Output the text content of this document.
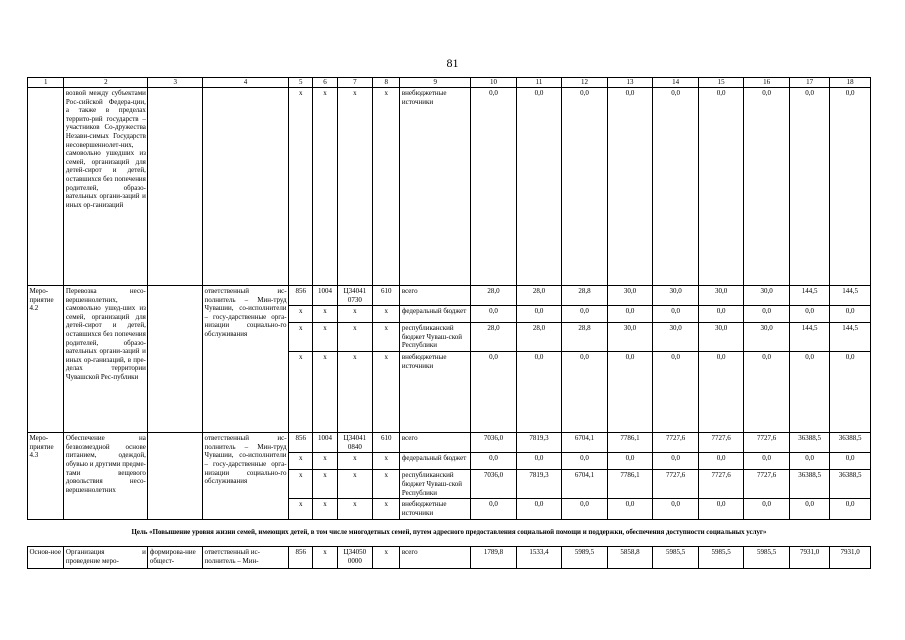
81
1	2	3	4	5	6	7	8	9	10	11	12	13	14	15	16	17	18
	возвой между субъектами Рос-сийской Федера-ции, а также в пределах террито-рий государств – участников Со-дружества Незави-симых Государств несовершеннолет-них, самовольно ушедших из семей, организаций для детей-сирот и детей, оставшихся без попечения родителей, образо-вательных органи-заций и иных ор-ганизаций			х	х	х	х	внебюджетные источники	0,0	0,0	0,0	0,0	0,0	0,0	0,0	0,0	0,0
Меро-приятие 4.2	Перевозка несо-вершеннолетних, самовольно ушед-ших из семей, организаций для детей-сирот и детей, оставшихся без попечения родителей, образо-вательных органи-заций и иных ор-ганизаций, в пре-делах территории Чувашской Рес-публики		ответственный ис-полнитель – Мин-труд Чувашии, со-исполнители – госу-дарственные орга-низации социально-го обслуживания	856	1004	Ц34041 0730	610	всего	28,0	28,0	28,8	30,0	30,0	30,0	30,0	144,5	144,5
				х	х	х	х	федеральный бюджет	0,0	0,0	0,0	0,0	0,0	0,0	0,0	0,0	0,0
				х	х	х	х	республиканский бюджет Чуваш-ской Республики	28,0	28,0	28,8	30,0	30,0	30,0	30,0	144,5	144,5
				х	х	х	х	внебюджетные источники	0,0	0,0	0,0	0,0	0,0	0,0	0,0	0,0	0,0
Меро-приятие 4.3	Обеспечение на безвозмездной основе питанием, одеждой, обувью и другими предме-тами вещевого довольствия несо-вершеннолетних		ответственный ис-полнитель – Мин-труд Чувашии, со-исполнители – госу-дарственные орга-низации социально-го обслуживания	856	1004	Ц34041 0840	610	всего	7036,0	7819,3	6704,1	7786,1	7727,6	7727,6	7727,6	36388,5	36388,5
				х	х	х	х	федеральный бюджет	0,0	0,0	0,0	0,0	0,0	0,0	0,0	0,0	0,0
				х	х	х	х	республиканский бюджет Чуваш-ской Республики	7036,0	7819,3	6704,1	7786,1	7727,6	7727,6	7727,6	36388,5	36388,5
				х	х	х	х	внебюджетные источники	0,0	0,0	0,0	0,0	0,0	0,0	0,0	0,0	0,0
Цель «Повышение уровня жизни семей, имеющих детей, в том числе многодетных семей, путем адресного предоставления социальной помощи и поддержки, обеспечения доступности социальных услуг»																	
Основ-ное	Организация и проведение меро-	формирова-ние общест-	ответственный ис-полнитель – Мин-	856	х	Ц34050 0000	х	всего	1789,8	1533,4	5989,5	5858,8	5985,5	5985,5	5985,5	7931,0	7931,0
